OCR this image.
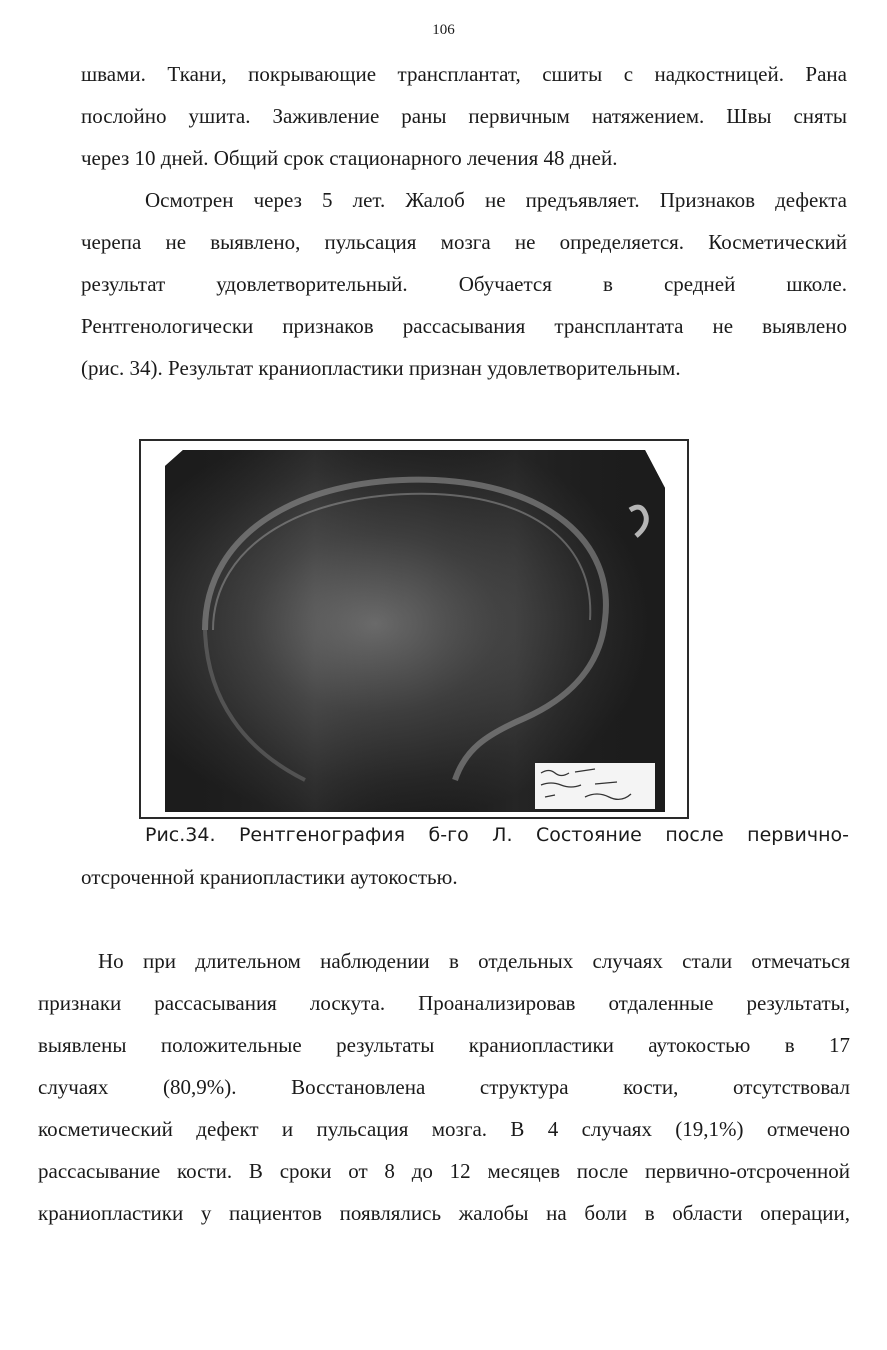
106

швами. Ткани, покрывающие трансплантат, сшиты с надкостницей. Рана
послойно ушита. Заживление раны первичным натяжением. Швы сняты
через 10 дней. Общий срок стационарного лечения 48 дней.

Осмотрен через 5 лет. Жалоб не предъявляет. Признаков дефекта
черепа не выявлено, пульсация мозга не определяется. Косметический
результат удовлетворительный. Обучается в средней школе.
Рентгенологически признаков рассасывания трансплантата не выявлено
(рис. 34). Результат краниопластики признан удовлетворительным.

Рис.34. Рентгенография б-го Л. Состояние после первично-
отсроченной краниопластики аутокостью.

Но при длительном наблюдении в отдельных случаях стали отмечаться
признаки рассасывания лоскута. Проанализировав отдаленные результаты,
выявлены положительные результаты краниопластики аутокостью в 17
случаях (80,9%). Восстановлена структура кости, отсутствовал
косметический дефект и пульсация мозга. В 4 случаях (19,1%) отмечено
рассасывание кости. В сроки от 8 до 12 месяцев после первично-отсроченной
краниопластики у пациентов появлялись жалобы на боли в области операции,
